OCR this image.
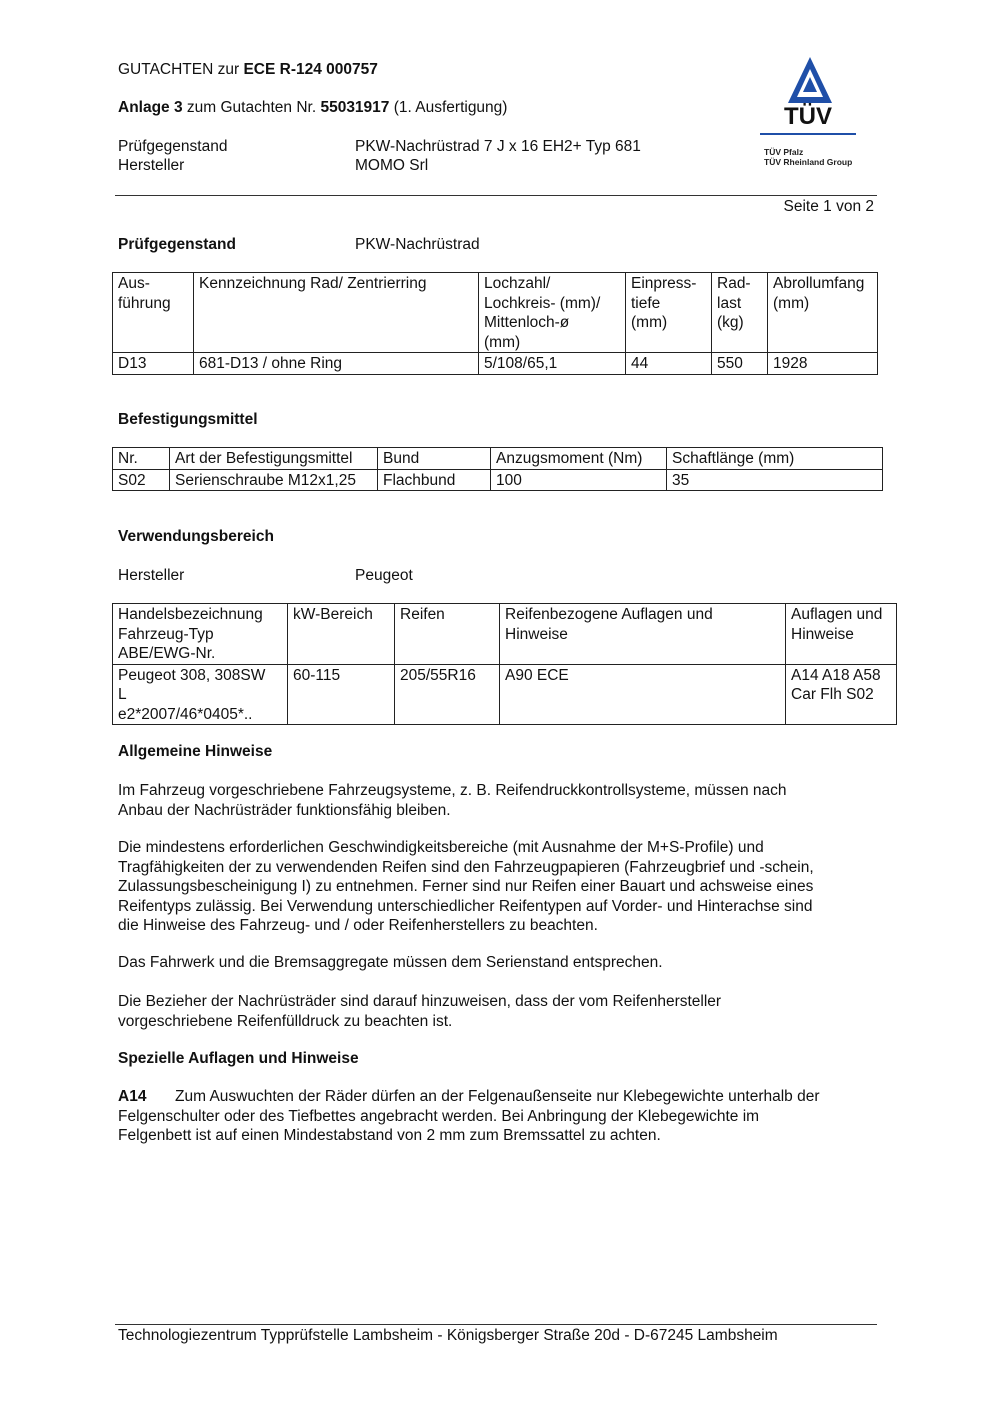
GUTACHTEN zur ECE R-124 000757
Anlage 3 zum Gutachten Nr. 55031917 (1. Ausfertigung)
Prüfgegenstand	PKW-Nachrüstrad 7 J x 16 EH2+ Typ 681
Hersteller	MOMO Srl
TÜV
TÜV Pfalz
TÜV Rheinland Group
Seite 1 von 2
Prüfgegenstand	PKW-Nachrüstrad
Aus-
führung	Kennzeichnung Rad/ Zentrierring	Lochzahl/
Lochkreis- (mm)/
Mittenloch-ø
(mm)	Einpress-
tiefe
(mm)	Rad-
last
(kg)	Abrollumfang
(mm)
D13	681-D13 / ohne Ring	5/108/65,1	44	550	1928
Befestigungsmittel
Nr.	Art der Befestigungsmittel	Bund	Anzugsmoment (Nm)	Schaftlänge (mm)
S02	Serienschraube M12x1,25	Flachbund	100	35
Verwendungsbereich
Hersteller	Peugeot
Handelsbezeichnung
Fahrzeug-Typ
ABE/EWG-Nr.	kW-Bereich	Reifen	Reifenbezogene Auflagen und
Hinweise	Auflagen und
Hinweise
Peugeot 308, 308SW
L
e2*2007/46*0405*..	60-115	205/55R16	A90 ECE	A14 A18 A58
Car Flh S02
Allgemeine Hinweise

Im Fahrzeug vorgeschriebene Fahrzeugsysteme, z. B. Reifendruckkontrollsysteme, müssen nach
Anbau der Nachrüsträder funktionsfähig bleiben.

Die mindestens erforderlichen Geschwindigkeitsbereiche (mit Ausnahme der M+S-Profile) und
Tragfähigkeiten der zu verwendenden Reifen sind den Fahrzeugpapieren (Fahrzeugbrief und -schein,
Zulassungsbescheinigung I) zu entnehmen. Ferner sind nur Reifen einer Bauart und achsweise eines
Reifentyps zulässig. Bei Verwendung unterschiedlicher Reifentypen auf Vorder- und Hinterachse sind
die Hinweise des Fahrzeug- und / oder Reifenherstellers zu beachten.

Das Fahrwerk und die Bremsaggregate müssen dem Serienstand entsprechen.

Die Bezieher der Nachrüsträder sind darauf hinzuweisen, dass der vom Reifenhersteller
vorgeschriebene Reifenfülldruck zu beachten ist.

Spezielle Auflagen und Hinweise
A14	Zum Auswuchten der Räder dürfen an der Felgenaußenseite nur Klebegewichte unterhalb der
Felgenschulter oder des Tiefbettes angebracht werden. Bei Anbringung der Klebegewichte im
Felgenbett ist auf einen Mindestabstand von 2 mm zum Bremssattel zu achten.

Technologiezentrum Typprüfstelle Lambsheim - Königsberger Straße 20d - D-67245 Lambsheim
